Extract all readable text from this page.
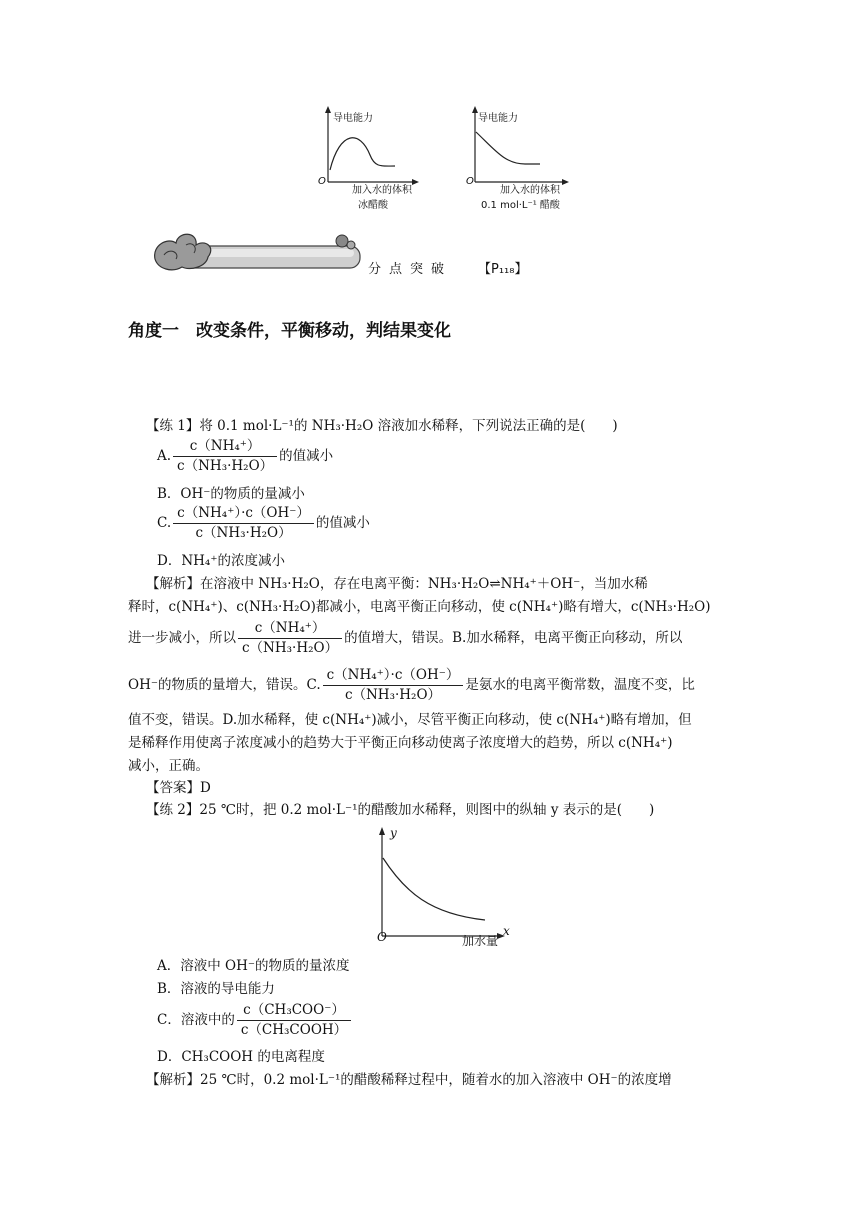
导电能力
O
加入水的体积
冰醋酸
导电能力
O
加入水的体积
0.1 mol·L⁻¹ 醋酸
分点突破 【P₁₁₈】
角度一　改变条件，平衡移动，判结果变化
【练 1】将 0.1 mol·L⁻¹的 NH₃·H₂O 溶液加水稀释，下列说法正确的是(　　)
A. $\frac{\text{c（NH₄⁺）}}{\text{c（NH₃·H₂O）}}$ 的值减小
B．OH⁻的物质的量减小
C. $\frac{\text{c（NH₄⁺）·c（OH⁻）}}{\text{c（NH₃·H₂O）}}$ 的值减小
D．NH₄⁺的浓度减小
【解析】在溶液中 NH₃·H₂O，存在电离平衡：NH₃·H₂O⇌NH₄⁺＋OH⁻，当加水稀
释时，c(NH₄⁺)、c(NH₃·H₂O)都减小，电离平衡正向移动，使 c(NH₄⁺)略有增大，c(NH₃·H₂O)
进一步减小，所以 $\frac{\text{c（NH₄⁺）}}{\text{c（NH₃·H₂O）}}$ 的值增大，错误。B.加水稀释，电离平衡正向移动，所以
OH⁻的物质的量增大，错误。C. $\frac{\text{c（NH₄⁺）·c（OH⁻）}}{\text{c（NH₃·H₂O）}}$ 是氨水的电离平衡常数，温度不变，比
值不变，错误。D.加水稀释，使 c(NH₄⁺)减小，尽管平衡正向移动，使 c(NH₄⁺)略有增加，但
是稀释作用使离子浓度减小的趋势大于平衡正向移动使离子浓度增大的趋势，所以 c(NH₄⁺)
减小，正确。
【答案】D
【练 2】25 ℃时，把 0.2 mol·L⁻¹的醋酸加水稀释，则图中的纵轴 y 表示的是(　　)
y
x
O	加水量
A．溶液中 OH⁻的物质的量浓度
B．溶液的导电能力
C．溶液中的 $\frac{\text{c（CH₃COO⁻）}}{\text{c（CH₃COOH）}}$
D．CH₃COOH 的电离程度
【解析】25 ℃时，0.2 mol·L⁻¹的醋酸稀释过程中，随着水的加入溶液中 OH⁻的浓度增
